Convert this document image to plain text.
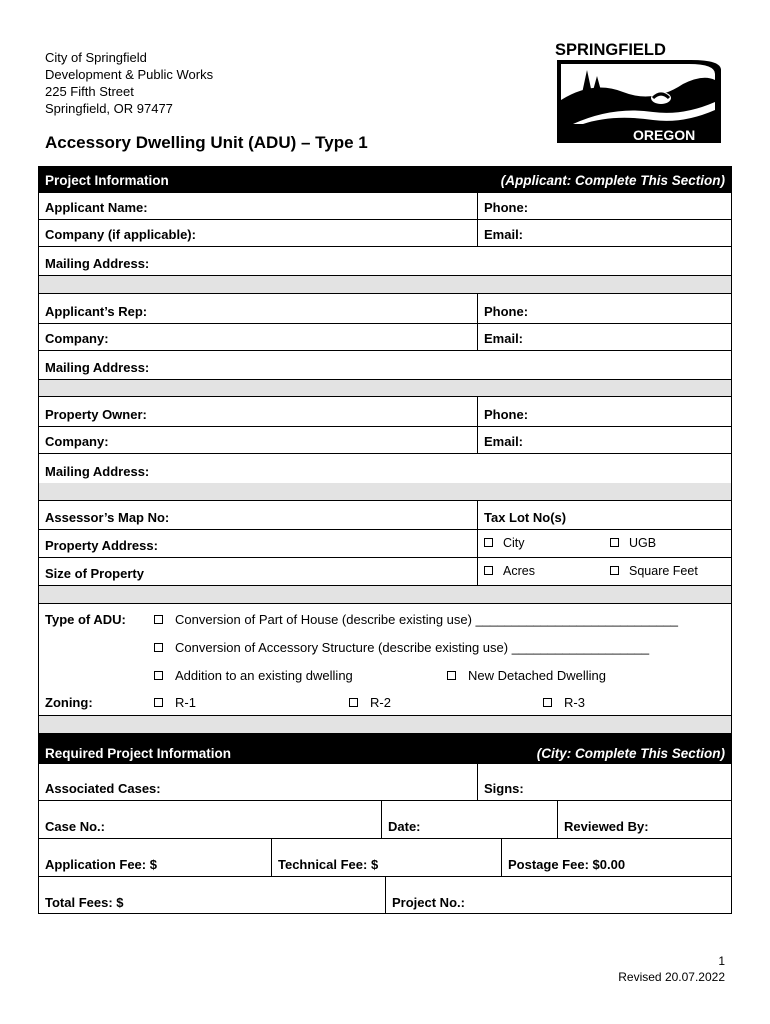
City of Springfield
Development & Public Works
225 Fifth Street
Springfield, OR 97477
Accessory Dwelling Unit (ADU) – Type 1
SPRINGFIELD
OREGON
Project Information	(Applicant: Complete This Section)
Applicant Name:	Phone:
Company (if applicable):	Email:
Mailing Address:
Applicant’s Rep:	Phone:
Company:	Email:
Mailing Address:
Property Owner:	Phone:
Company:	Email:
Mailing Address:
Assessor’s Map No:	Tax Lot No(s)
Property Address:	City	UGB
Size of Property	Acres	Square Feet
Type of ADU:	Conversion of Part of House (describe existing use) ____________________________
Conversion of Accessory Structure (describe existing use) ___________________
Addition to an existing dwelling	New Detached Dwelling
Zoning:	R-1	R-2	R-3
Required Project Information	(City: Complete This Section)
Associated Cases:	Signs:
Case No.:	Date:	Reviewed By:
Application Fee: $	Technical Fee: $	Postage Fee: $0.00
Total Fees: $	Project No.:
1
Revised 20.07.2022
